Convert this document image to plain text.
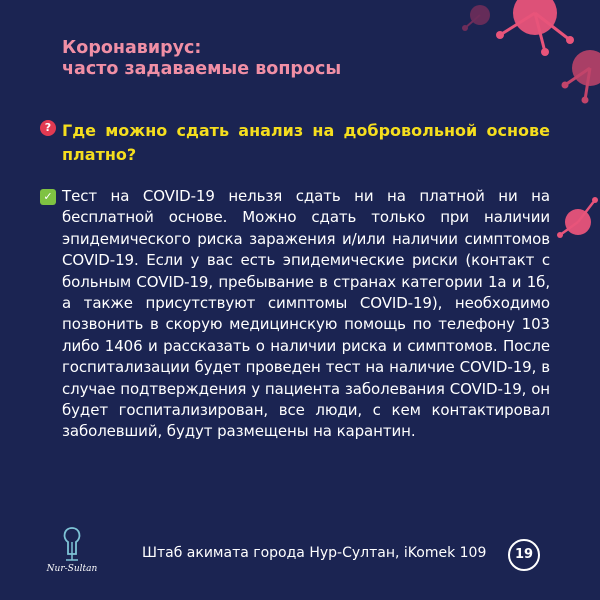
Коронавирус:
часто задаваемые вопросы
? Где можно сдать анализ на добровольной основе платно?
✓ Тест на COVID-19 нельзя сдать ни на платной ни на бесплатной основе. Можно сдать только при наличии эпидемического риска заражения и/или наличии симптомов COVID-19. Если у вас есть эпидемические риски (контакт с больным COVID-19, пребывание в странах категории 1а и 1б, а также присутствуют симптомы COVID-19), необходимо позвонить в скорую медицинскую помощь по телефону 103 либо 1406 и рассказать о наличии риска и симптомов. После госпитализации будет проведен тест на наличие COVID-19, в случае подтверждения у пациента заболевания COVID-19, он будет госпитализирован, все люди, с кем контактировал заболевший, будут размещены на карантин.
Nur-Sultan
Штаб акимата города Нур-Султан, iKomek 109	19
